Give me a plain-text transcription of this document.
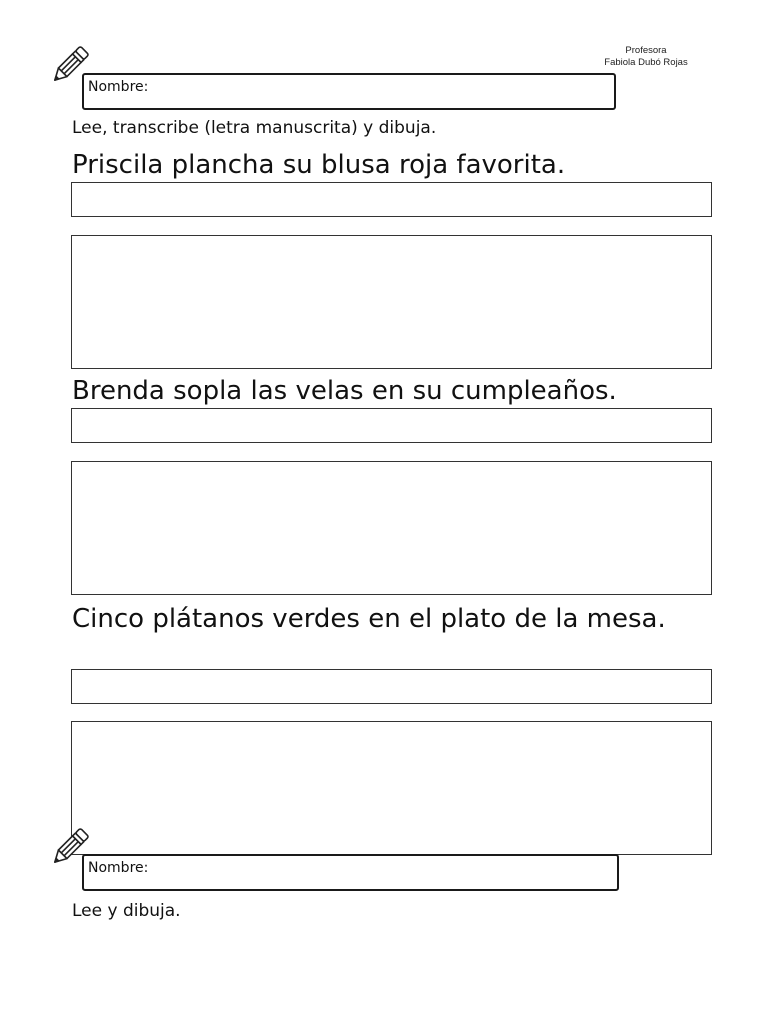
Profesora
Fabiola Dubó Rojas
Nombre:
Lee, transcribe (letra manuscrita) y dibuja.
Priscila plancha su blusa roja favorita.
Brenda sopla las velas en su cumpleaños.
Cinco plátanos verdes en el plato de la mesa.
Nombre:
Lee y dibuja.
